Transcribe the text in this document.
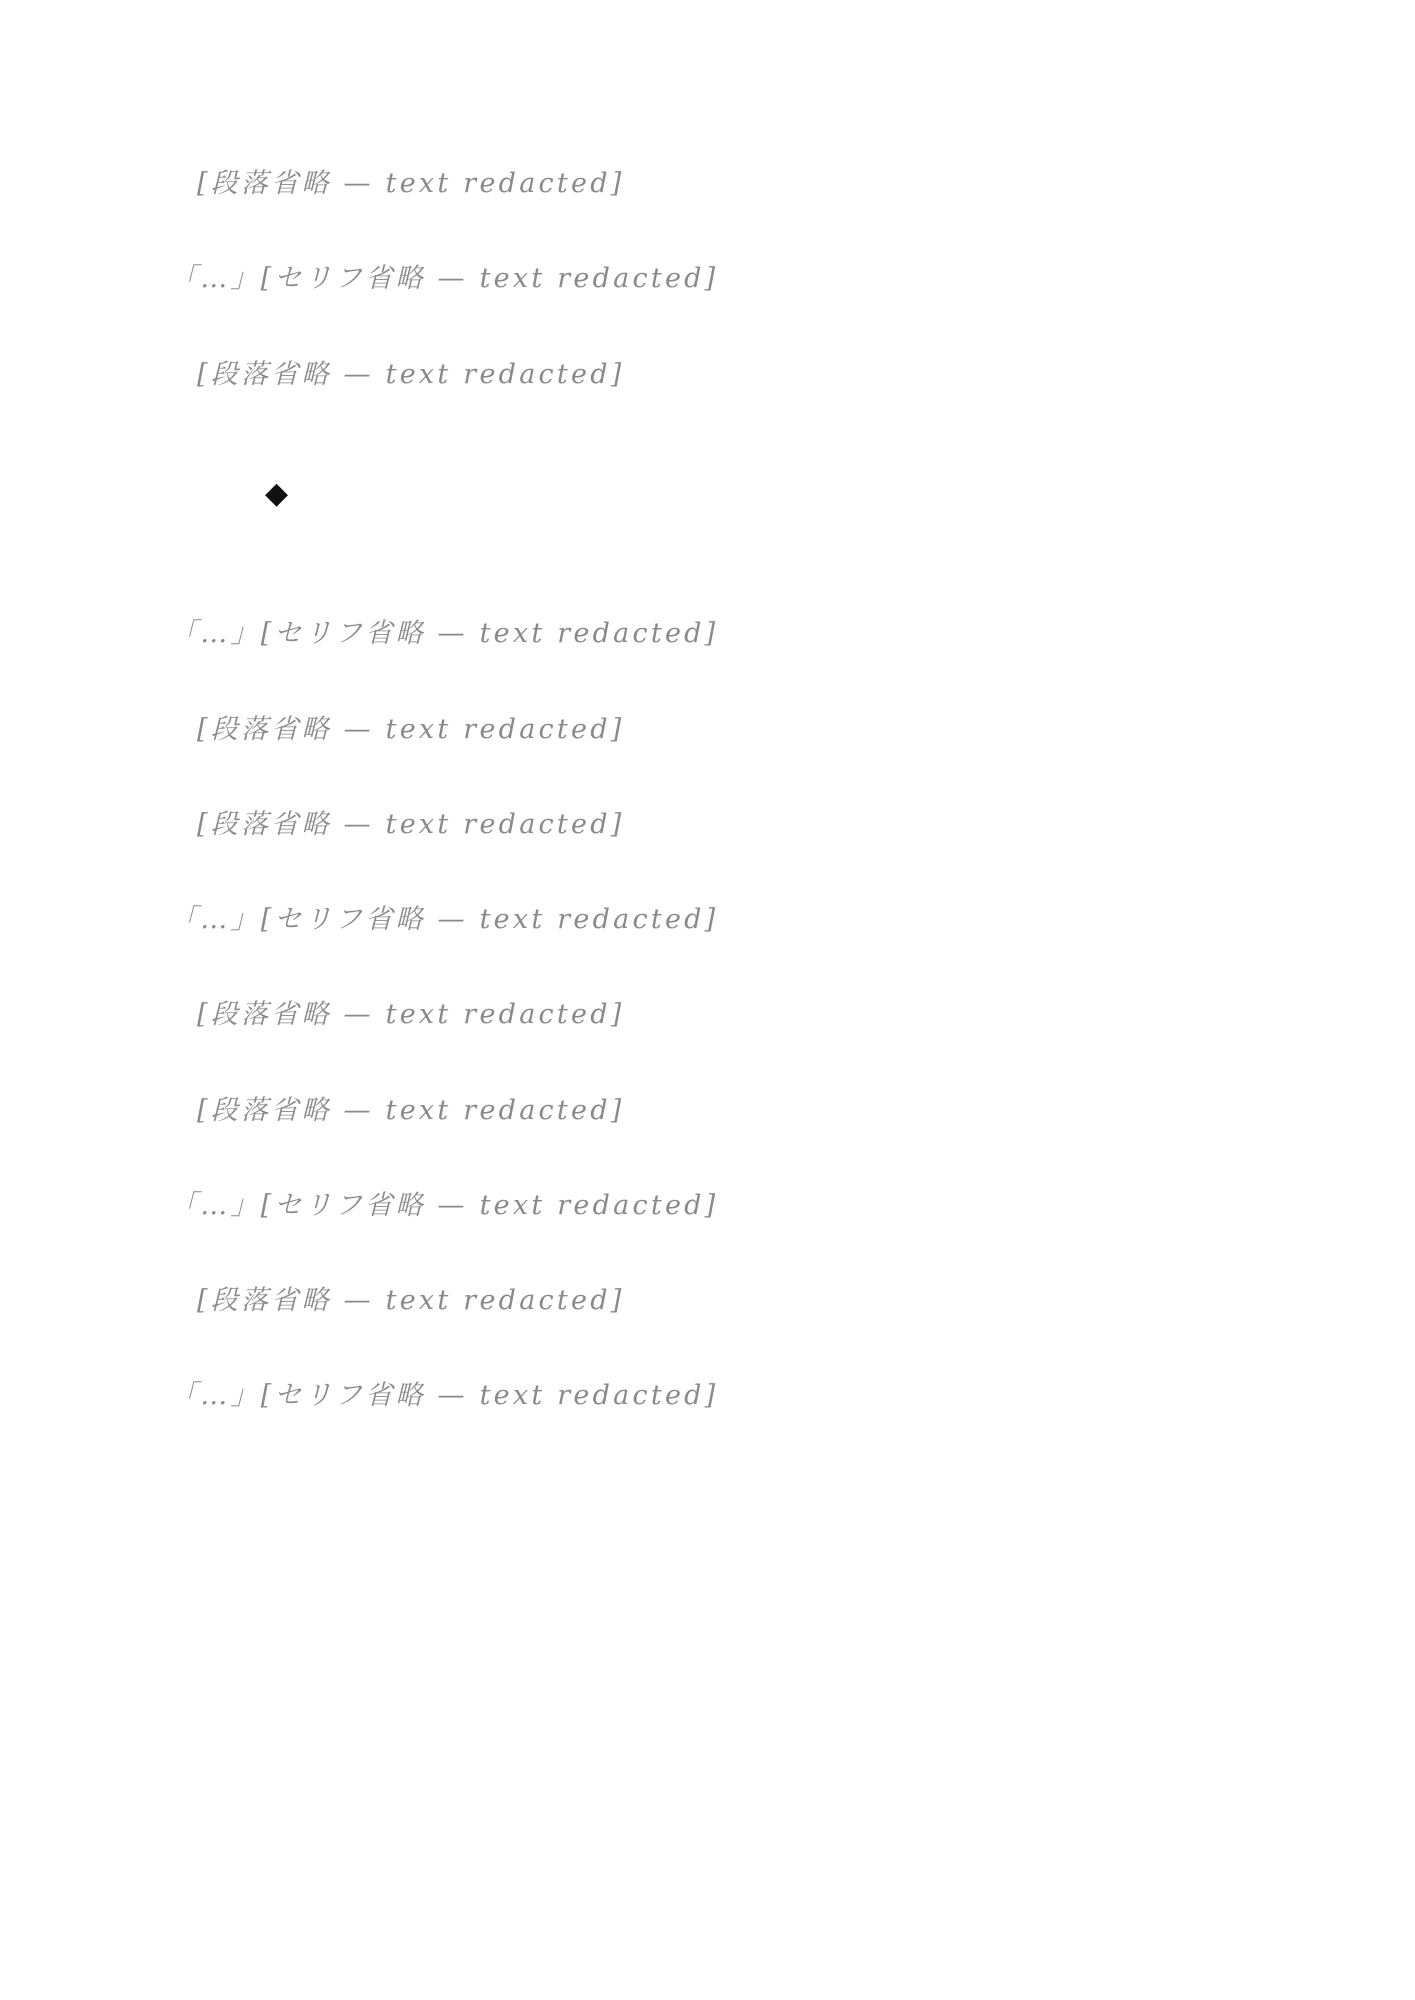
[段落省略 — text redacted]

「…」[セリフ省略 — text redacted]

[段落省略 — text redacted]

◆

「…」[セリフ省略 — text redacted]

[段落省略 — text redacted]

[段落省略 — text redacted]

「…」[セリフ省略 — text redacted]

[段落省略 — text redacted]

[段落省略 — text redacted]

「…」[セリフ省略 — text redacted]

[段落省略 — text redacted]

「…」[セリフ省略 — text redacted]
